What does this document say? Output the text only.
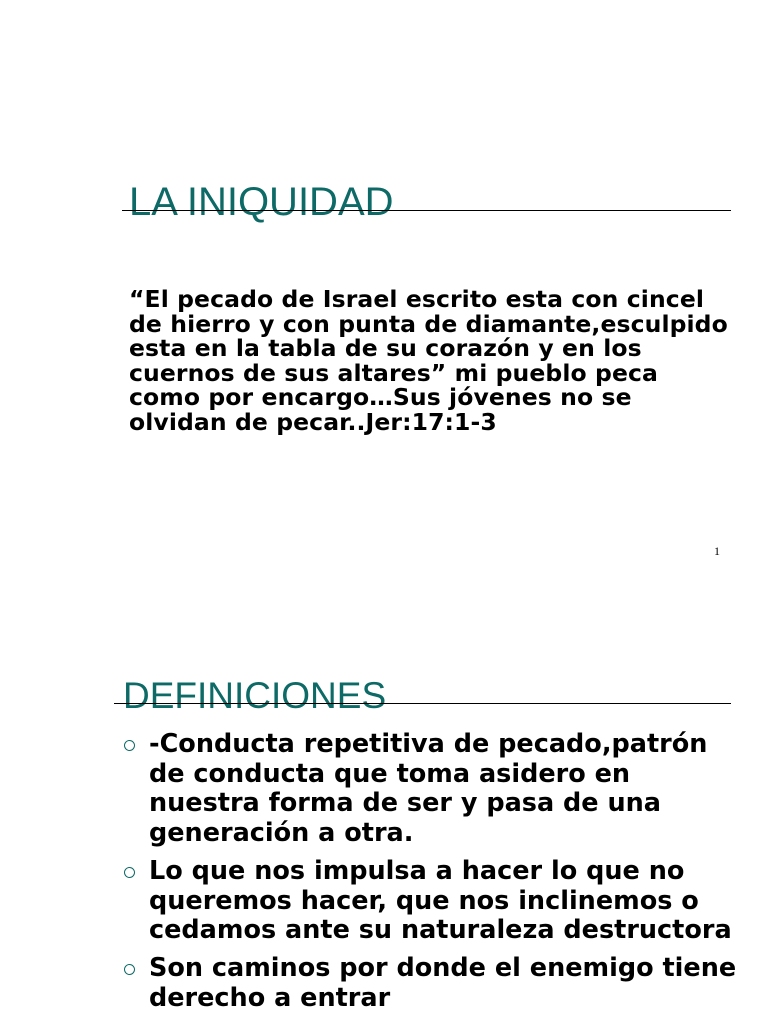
LA INIQUIDAD

“El pecado de Israel escrito esta con cincel de hierro y con punta de diamante,esculpido esta en la tabla de su corazón y en los cuernos de sus altares” mi pueblo peca como por encargo…Sus jóvenes no se olvidan de pecar..Jer:17:1-3

1
DEFINICIONES
-Conducta repetitiva de pecado,patrón de conducta que toma asidero en nuestra forma de ser y pasa de una generación a otra.
Lo que nos impulsa a hacer lo que no queremos hacer, que nos inclinemos o cedamos ante su naturaleza destructora
Son caminos por donde el enemigo tiene derecho a entrar
